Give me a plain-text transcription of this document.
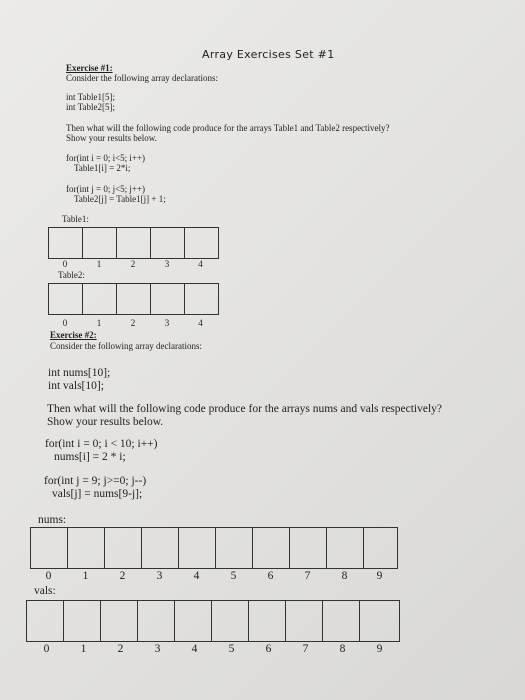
Array Exercises Set #1
Exercise #1:
Consider the following array declarations:
int Table1[5];
int Table2[5];
Then what will the following code produce for the arrays Table1 and Table2 respectively?
Show your results below.
for(int i = 0; i<5; i++)
Table1[i] = 2*i;
for(int j = 0; j<5; j++)
Table2[j] = Table1[j] + 1;
Table1:
0	1	2	3	4
Table2:
0	1	2	3	4
Exercise #2:
Consider the following array declarations:
int nums[10];
int vals[10];
Then what will the following code produce for the arrays nums and vals respectively?
Show your results below.
for(int i = 0; i < 10; i++)
nums[i] = 2 * i;
for(int j = 9; j>=0; j--)
vals[j] = nums[9-j];
nums:
0	1	2	3	4	5	6	7	8	9
vals:
0	1	2	3	4	5	6	7	8	9
